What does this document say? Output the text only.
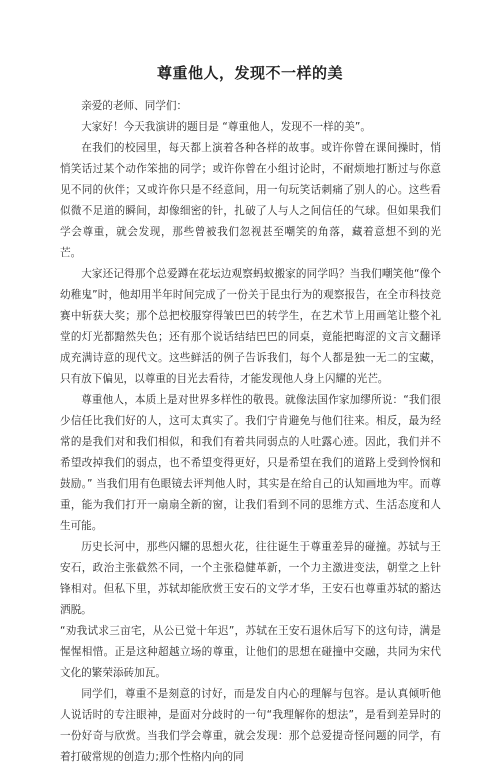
尊重他人，发现不一样的美

亲爱的老师、同学们：

大家好！今天我演讲的题目是 “尊重他人，发现不一样的美”。

在我们的校园里，每天都上演着各种各样的故事。或许你曾在课间操时，悄悄笑话过某个动作笨拙的同学；或许你曾在小组讨论时，不耐烦地打断过与你意见不同的伙伴；又或许你只是不经意间，用一句玩笑话刺痛了别人的心。这些看似微不足道的瞬间，却像细密的针，扎破了人与人之间信任的气球。但如果我们学会尊重，就会发现，那些曾被我们忽视甚至嘲笑的角落，藏着意想不到的光芒。

大家还记得那个总爱蹲在花坛边观察蚂蚁搬家的同学吗？当我们嘲笑他“像个幼稚鬼”时，他却用半年时间完成了一份关于昆虫行为的观察报告，在全市科技竞赛中斩获大奖；那个总把校服穿得皱巴巴的转学生，在艺术节上用画笔让整个礼堂的灯光都黯然失色；还有那个说话结结巴巴的同桌，竟能把晦涩的文言文翻译成充满诗意的现代文。这些鲜活的例子告诉我们，每个人都是独一无二的宝藏，只有放下偏见，以尊重的目光去看待，才能发现他人身上闪耀的光芒。

尊重他人，本质上是对世界多样性的敬畏。就像法国作家加缪所说：“我们很少信任比我们好的人，这可太真实了。我们宁肯避免与他们往来。相反，最为经常的是我们对和我们相似，和我们有着共同弱点的人吐露心迹。因此，我们并不希望改掉我们的弱点，也不希望变得更好，只是希望在我们的道路上受到怜悯和鼓励。” 当我们用有色眼镜去评判他人时，其实是在给自己的认知画地为牢。而尊重，能为我们打开一扇扇全新的窗，让我们看到不同的思维方式、生活态度和人生可能。

历史长河中，那些闪耀的思想火花，往往诞生于尊重差异的碰撞。苏轼与王安石，政治主张截然不同，一个主张稳健革新，一个力主激进变法，朝堂之上针锋相对。但私下里，苏轼却能欣赏王安石的文学才华，王安石也尊重苏轼的豁达洒脱。

“劝我试求三亩宅，从公已觉十年迟”，苏轼在王安石退休后写下的这句诗，满是惺惺相惜。正是这种超越立场的尊重，让他们的思想在碰撞中交融，共同为宋代文化的繁荣添砖加瓦。

同学们，尊重不是刻意的讨好，而是发自内心的理解与包容。是认真倾听他人说话时的专注眼神，是面对分歧时的一句“我理解你的想法”，是看到差异时的一份好奇与欣赏。当我们学会尊重，就会发现：那个总爱提奇怪问题的同学，有着打破常规的创造力;那个性格内向的同
